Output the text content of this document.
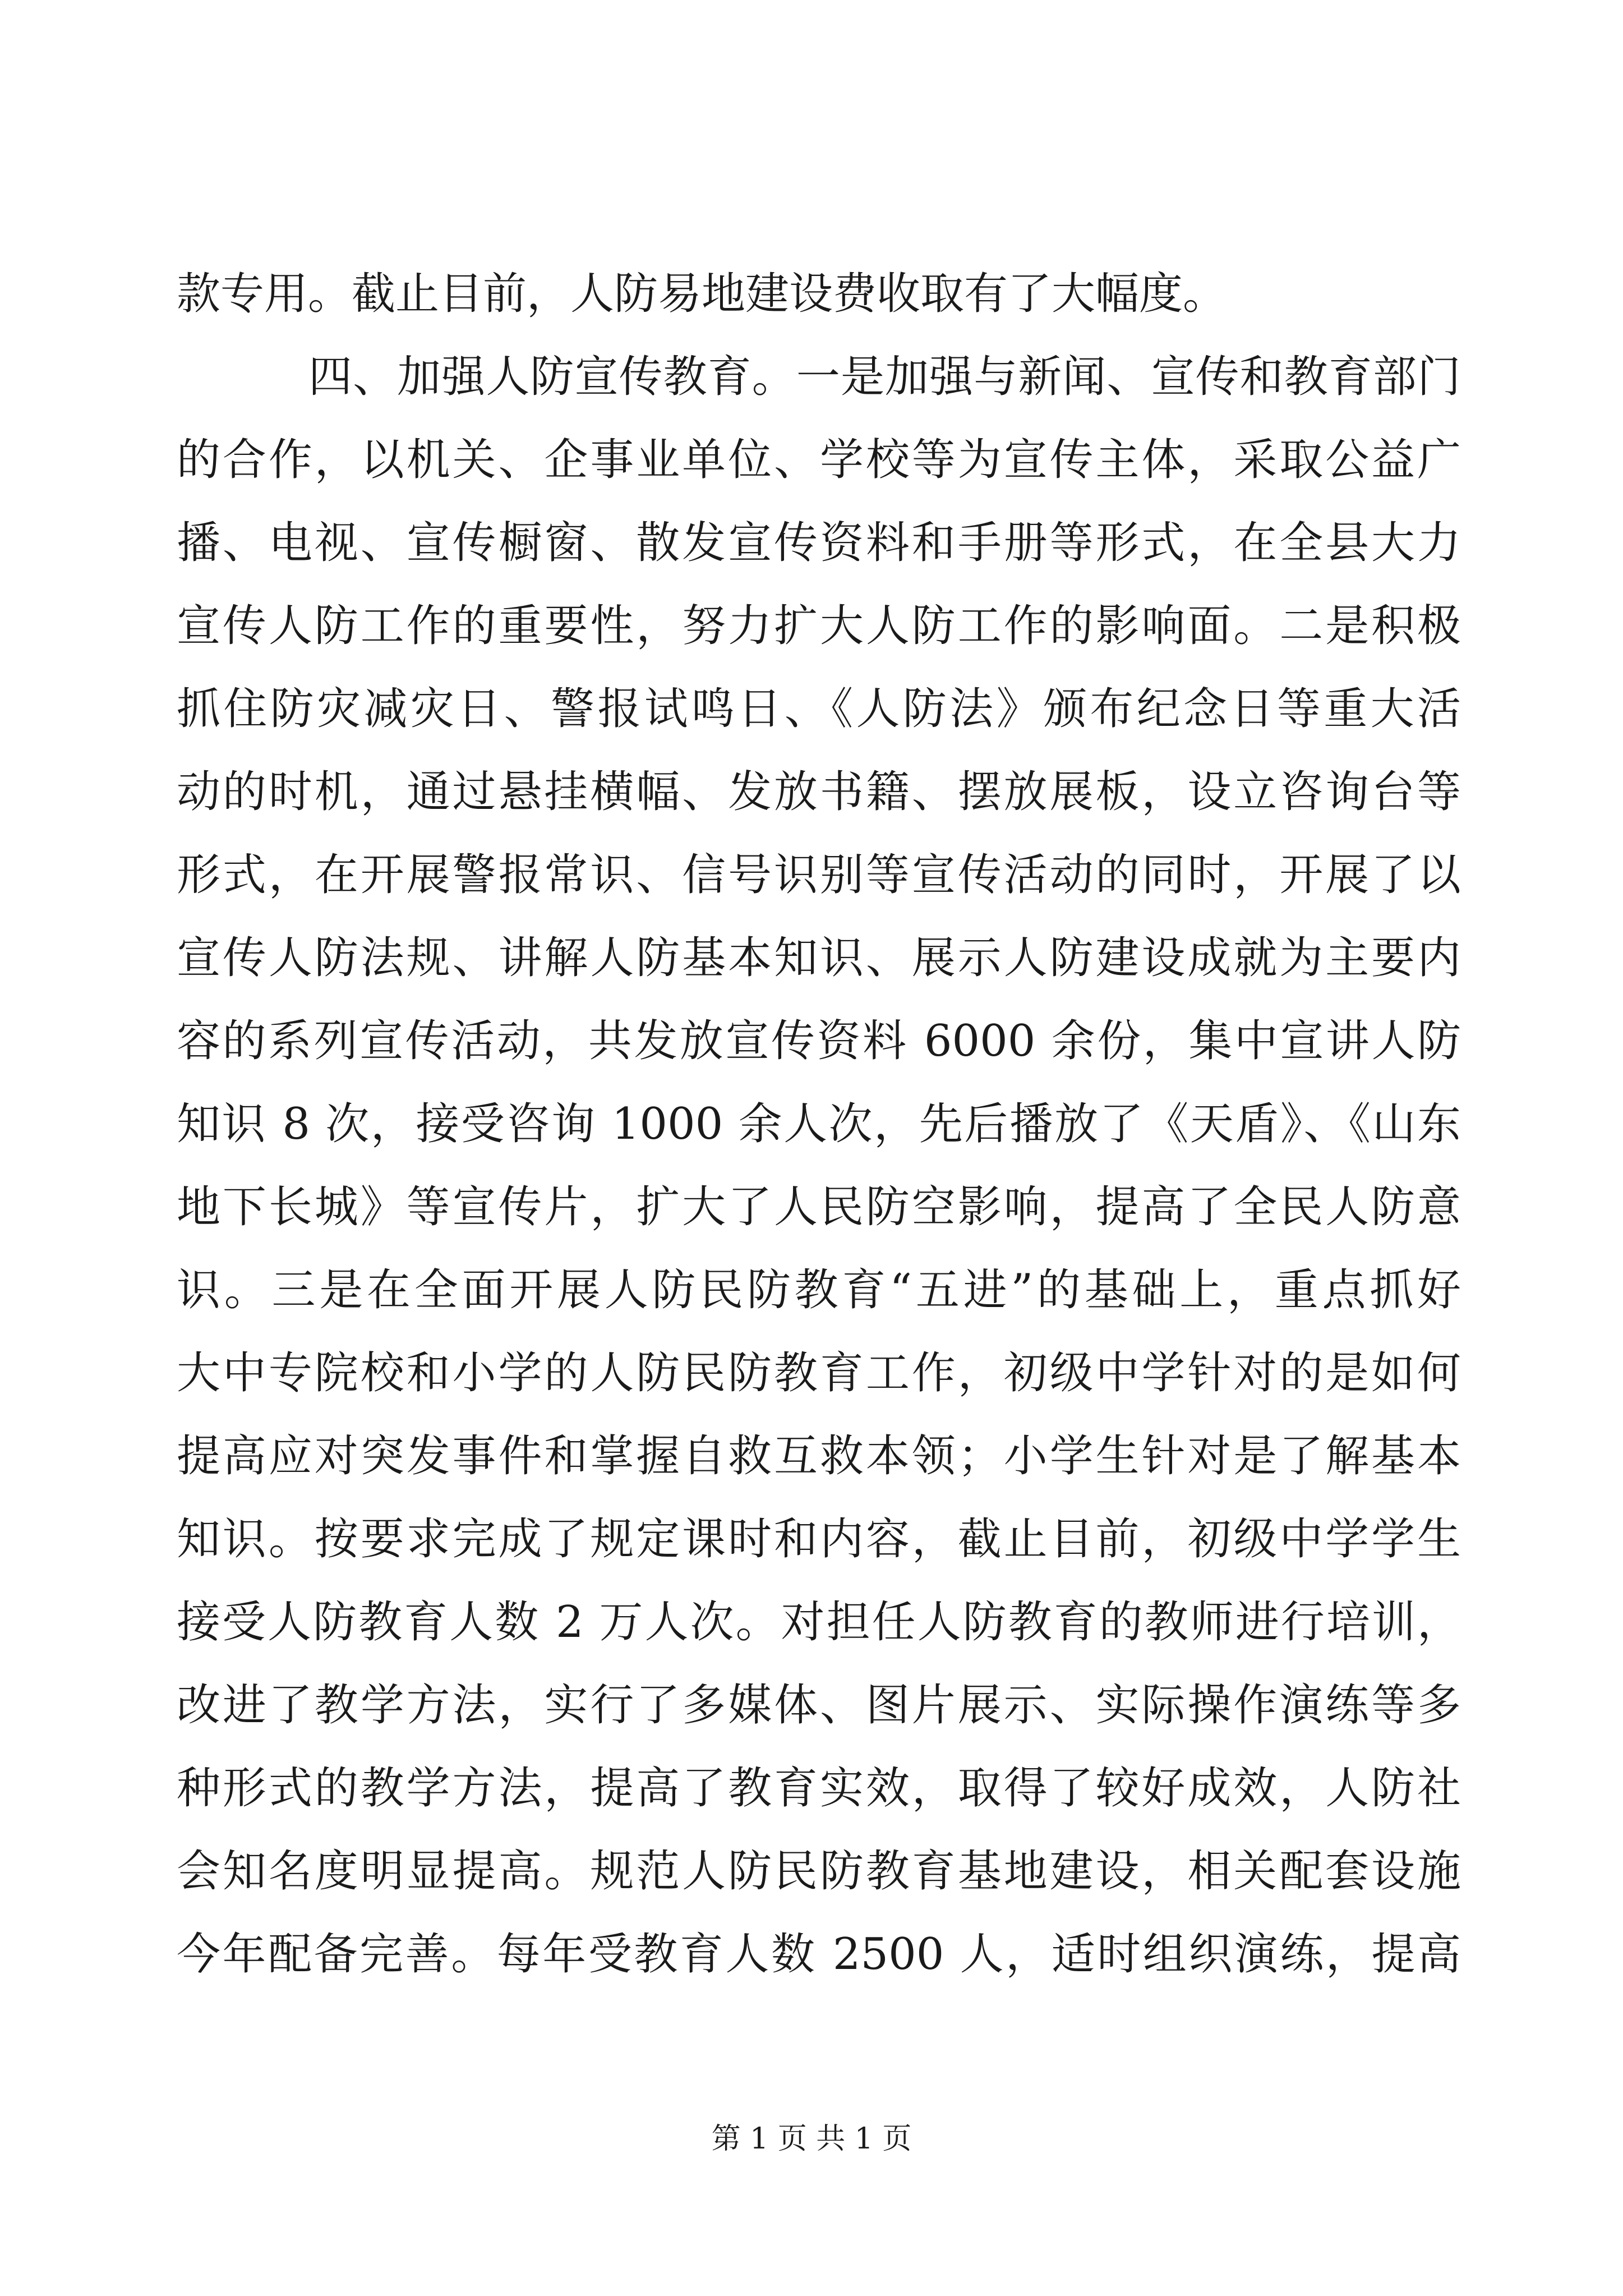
款专用。截止目前，人防易地建设费收取有了大幅度。
四、加强人防宣传教育。一是加强与新闻、宣传和教育部门
的合作，以机关、企事业单位、学校等为宣传主体，采取公益广
播、电视、宣传橱窗、散发宣传资料和手册等形式，在全县大力
宣传人防工作的重要性，努力扩大人防工作的影响面。二是积极
抓住防灾减灾日、警报试鸣日、《人防法》颁布纪念日等重大活
动的时机，通过悬挂横幅、发放书籍、摆放展板，设立咨询台等
形式，在开展警报常识、信号识别等宣传活动的同时，开展了以
宣传人防法规、讲解人防基本知识、展示人防建设成就为主要内
容的系列宣传活动，共发放宣传资料 6000 余份，集中宣讲人防
知识 8 次，接受咨询 1000 余人次，先后播放了《天盾》、《山东
地下长城》等宣传片，扩大了人民防空影响，提高了全民人防意
识。三是在全面开展人防民防教育“五进”的基础上，重点抓好
大中专院校和小学的人防民防教育工作，初级中学针对的是如何
提高应对突发事件和掌握自救互救本领；小学生针对是了解基本
知识。按要求完成了规定课时和内容，截止目前，初级中学学生
接受人防教育人数 2 万人次。对担任人防教育的教师进行培训，
改进了教学方法，实行了多媒体、图片展示、实际操作演练等多
种形式的教学方法，提高了教育实效，取得了较好成效，人防社
会知名度明显提高。规范人防民防教育基地建设，相关配套设施
今年配备完善。每年受教育人数 2500 人，适时组织演练，提高
第 1 页 共 1 页
